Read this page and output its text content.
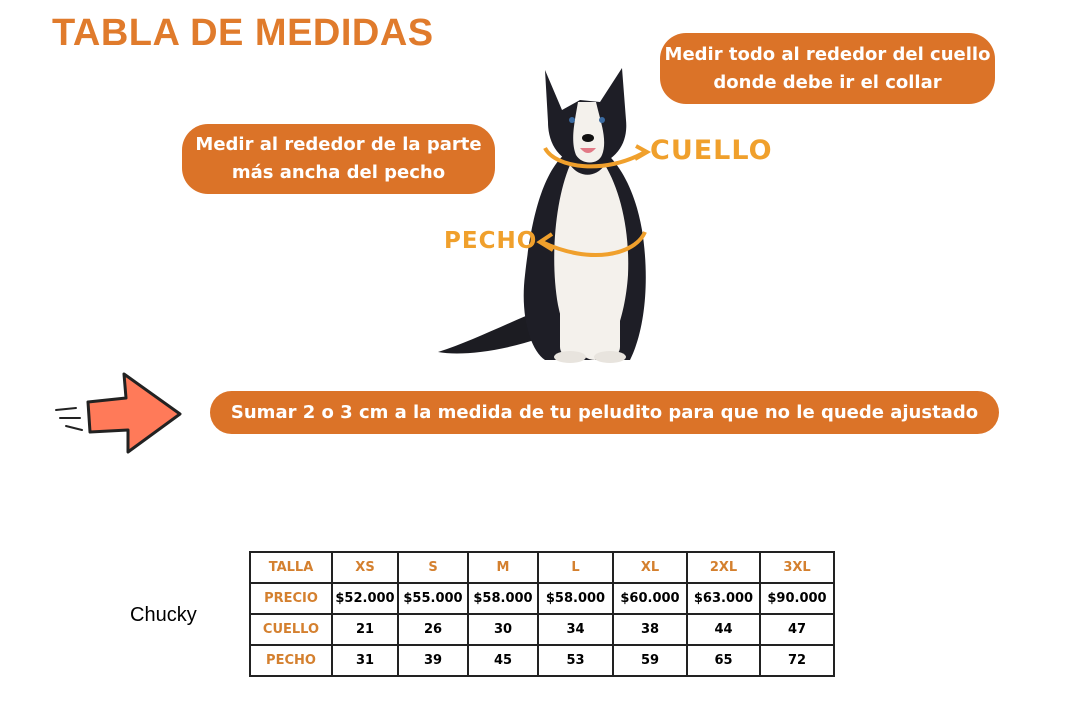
TABLA DE MEDIDAS	Medir todo al rededor del cuello donde debe ir el collar
Medir al rededor de la parte más ancha del pecho
CUELLO
PECHO
Sumar 2 o 3 cm a la medida de tu peludito para que no le quede ajustado
Chucky
TALLA	XS	S	M	L	XL	2XL	3XL
PRECIO	$52.000	$55.000	$58.000	$58.000	$60.000	$63.000	$90.000
CUELLO	21	26	30	34	38	44	47
PECHO	31	39	45	53	59	65	72
